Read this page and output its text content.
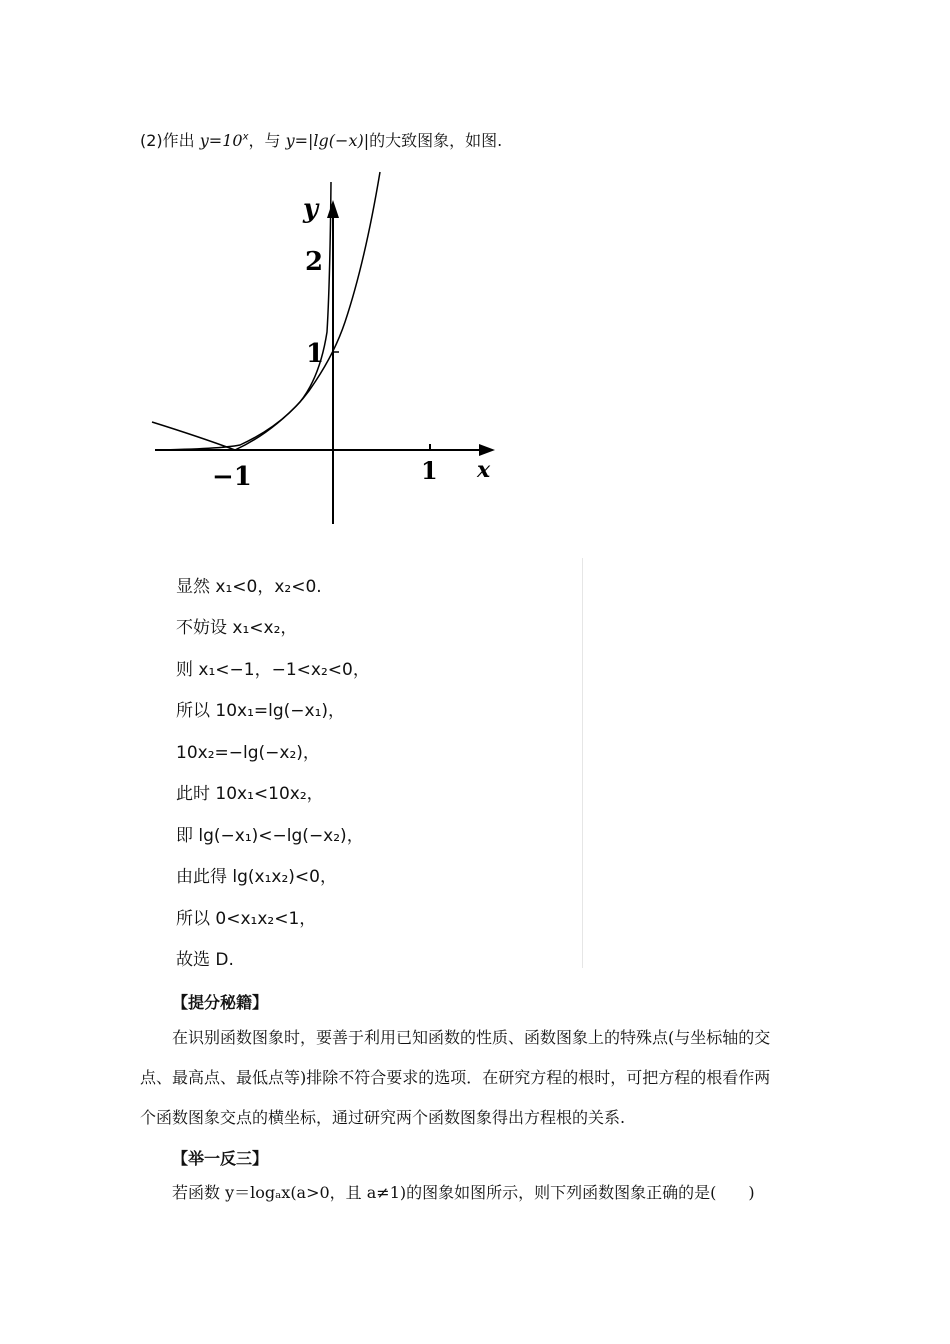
(2)作出 $y=10^x$，与 y=|lg(−x)|的大致图象，如图.
y
x
2
1
−1	1
显然 x₁<0，x₂<0.
不妨设 x₁<x₂，
则 x₁<−1，−1<x₂<0，
所以 10x₁=lg(−x₁)，
10x₂=−lg(−x₂)，
此时 10x₁<10x₂，
即 lg(−x₁)<−lg(−x₂)，
由此得 lg(x₁x₂)<0，
所以 0<x₁x₂<1，
故选 D.
【提分秘籍】

在识别函数图象时，要善于利用已知函数的性质、函数图象上的特殊点(与坐标轴的交

点、最高点、最低点等)排除不符合要求的选项．在研究方程的根时，可把方程的根看作两

个函数图象交点的横坐标，通过研究两个函数图象得出方程根的关系.

【举一反三】
若函数 y＝logₐx(a>0，且 a≠1)的图象如图所示，则下列函数图象正确的是(　　)
